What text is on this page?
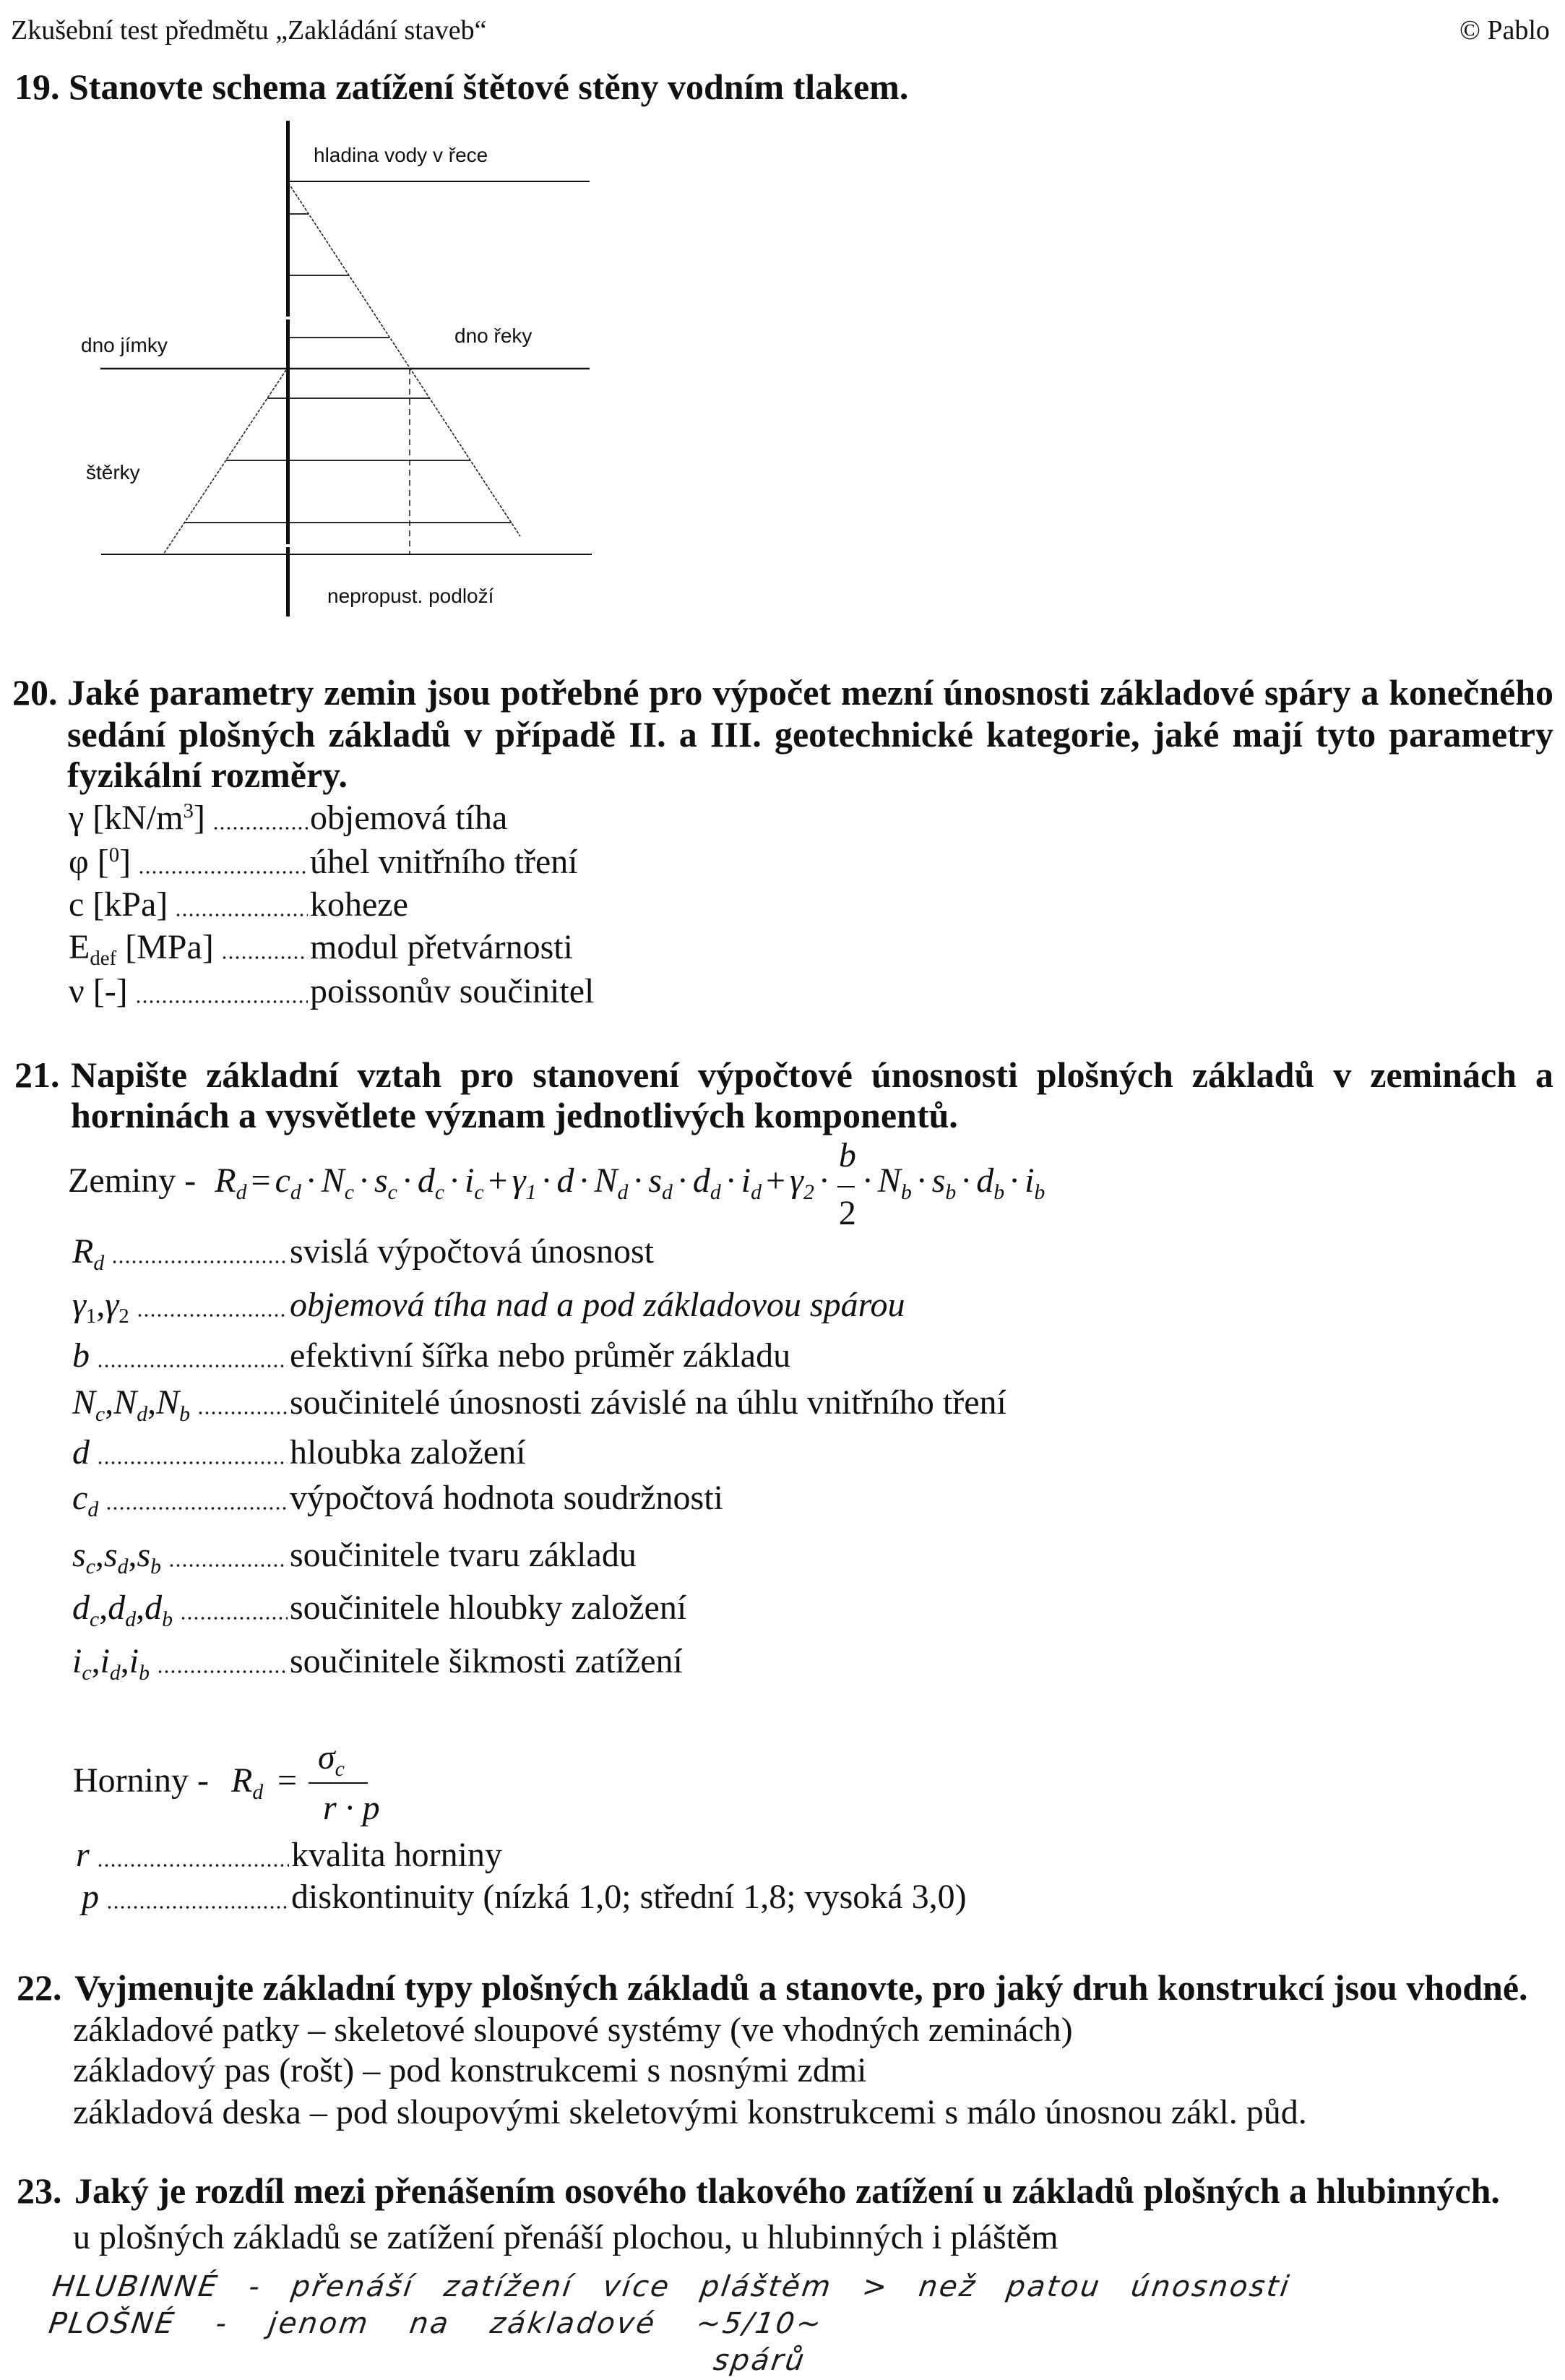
Zkušební test předmětu „Zakládání staveb“	© Pablo
19. Stanovte schema zatížení štětové stěny vodním tlakem.
hladina vody v řece
dno jímky	dno řeky
štěrky
nepropust. podloží
20. Jaké parametry zemin jsou potřebné pro výpočet mezní únosnosti základové spáry a konečného
sedání plošných základů v případě II. a III. geotechnické kategorie, jaké mají tyto parametry
fyzikální rozměry.
γ $[kN/m^3]$	objemová tíha
φ [$^0$]	úhel vnitřního tření
c [kPa]	koheze
Edef [MPa]	modul přetvárnosti
ν [-]	poissonův součinitel
21. Napište základní vztah pro stanovení výpočtové únosnosti plošných základů v zeminách a
horninách a vysvětlete význam jednotlivých komponentů.
Zeminy - Rd = cd · Nc · sc · dc · ic + γ1 · d · Nd · sd · dd · id + $\gamma 2 \cdot \frac{b}{2} \cdot Nb$ · sb · db · ib
Rd	svislá výpočtová únosnost
γ1,γ2	objemová tíha nad a pod základovou spárou
b	efektivní šířka nebo průměr základu
Nc,Nd,Nb	součinitelé únosnosti závislé na úhlu vnitřního tření
d	hloubka založení
cd	výpočtová hodnota soudržnosti
sc,sd,sb	součinitele tvaru základu
dc,dd,db	součinitele hloubky založení
ic,id,ib	součinitele šikmosti zatížení
Horniny - Rd =
σc
r · p
r	kvalita horniny
p	diskontinuity (nízká 1,0; střední 1,8; vysoká 3,0)
22. Vyjmenujte základní typy plošných základů a stanovte, pro jaký druh konstrukcí jsou vhodné.
základové patky – skeletové sloupové systémy (ve vhodných zeminách)
základový pas (rošt) – pod konstrukcemi s nosnými zdmi
základová deska – pod sloupovými skeletovými konstrukcemi s málo únosnou zákl. půd.
23. Jaký je rozdíl mezi přenášením osového tlakového zatížení u základů plošných a hlubinných.
u plošných základů se zatížení přenáší plochou, u hlubinných i pláštěm
HLUBINNÉ - přenáší zatížení více pláštěm > než patou únosnosti
PLOŠNÉ - jenom na základové ~5/10~
spárů
